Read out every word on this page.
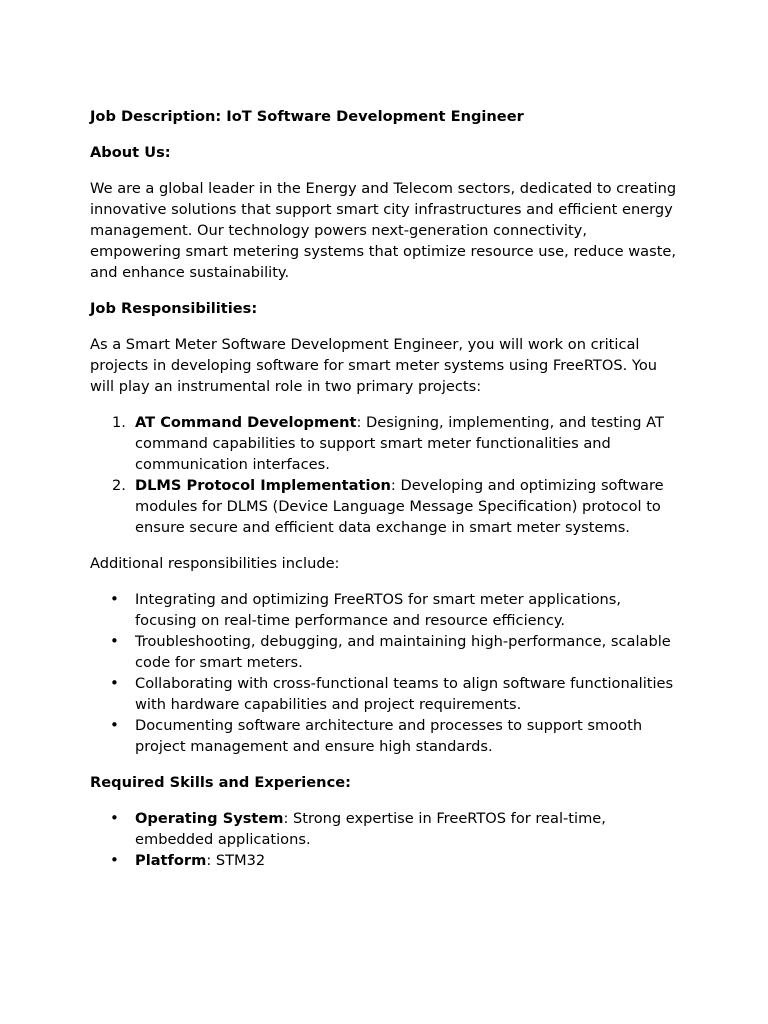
Job Description: IoT Software Development Engineer
About Us:

We are a global leader in the Energy and Telecom sectors, dedicated to creating innovative solutions that support smart city infrastructures and efficient energy management. Our technology powers next-generation connectivity, empowering smart metering systems that optimize resource use, reduce waste, and enhance sustainability.

Job Responsibilities:

As a Smart Meter Software Development Engineer, you will work on critical projects in developing software for smart meter systems using FreeRTOS. You will play an instrumental role in two primary projects:

1. AT Command Development: Designing, implementing, and testing AT command capabilities to support smart meter functionalities and communication interfaces.
2. DLMS Protocol Implementation: Developing and optimizing software modules for DLMS (Device Language Message Specification) protocol to ensure secure and efficient data exchange in smart meter systems.

Additional responsibilities include:

• Integrating and optimizing FreeRTOS for smart meter applications, focusing on real-time performance and resource efficiency.
• Troubleshooting, debugging, and maintaining high-performance, scalable code for smart meters.
• Collaborating with cross-functional teams to align software functionalities with hardware capabilities and project requirements.
• Documenting software architecture and processes to support smooth project management and ensure high standards.
Required Skills and Experience:
• Operating System: Strong expertise in FreeRTOS for real-time, embedded applications.
• Platform: STM32
